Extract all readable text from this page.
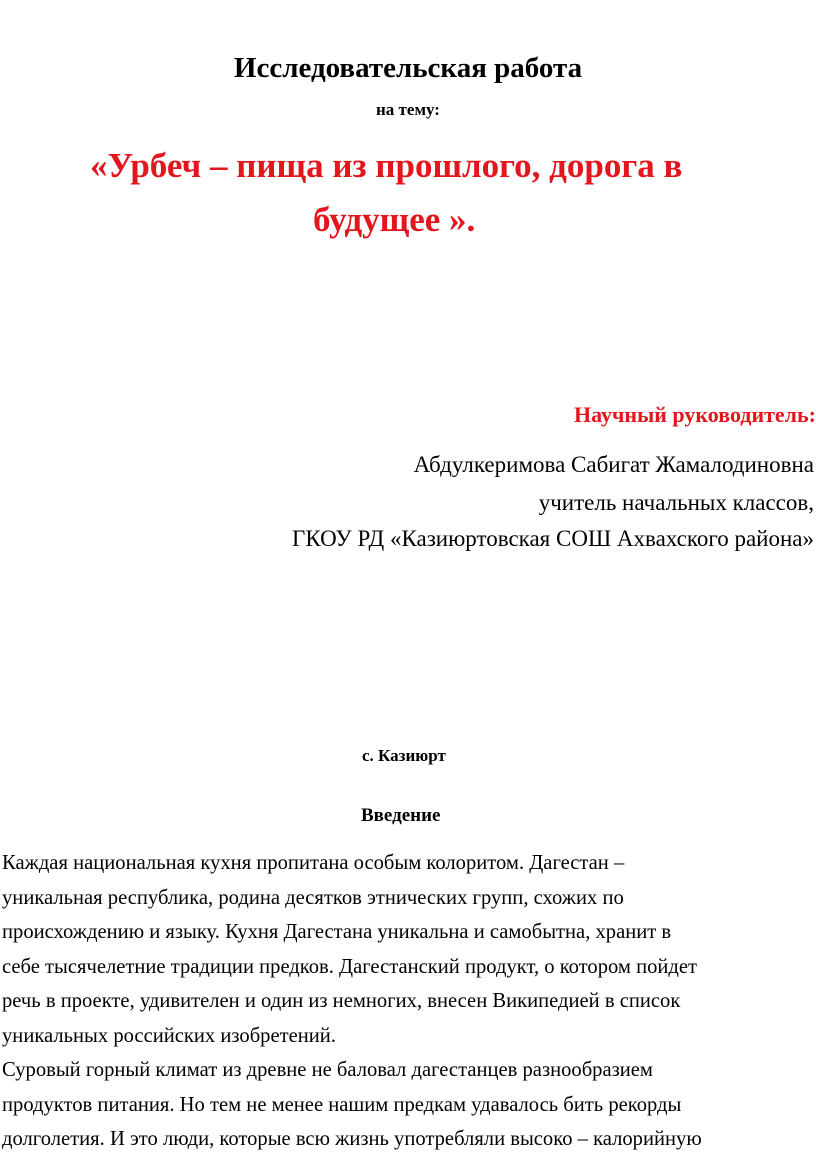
Исследовательская работа
на тему:
«Урбеч – пища из прошлого, дорога в
будущее ».
Научный руководитель:
Абдулкеримова Сабигат Жамалодиновна
учитель начальных классов,
ГКОУ РД «Казиюртовская СОШ Ахвахского района»
с. Казиюрт
Введение
Каждая национальная кухня пропитана особым колоритом. Дагестан –
уникальная республика, родина десятков этнических групп, схожих по
происхождению и языку. Кухня Дагестана уникальна и самобытна, хранит в
себе тысячелетние традиции предков. Дагестанский продукт, о котором пойдет
речь в проекте, удивителен и один из немногих, внесен Википедией в список
уникальных российских изобретений.
Суровый горный климат из древне не баловал дагестанцев разнообразием
продуктов питания. Но тем не менее нашим предкам удавалось бить рекорды
долголетия. И это люди, которые всю жизнь употребляли высоко – калорийную
